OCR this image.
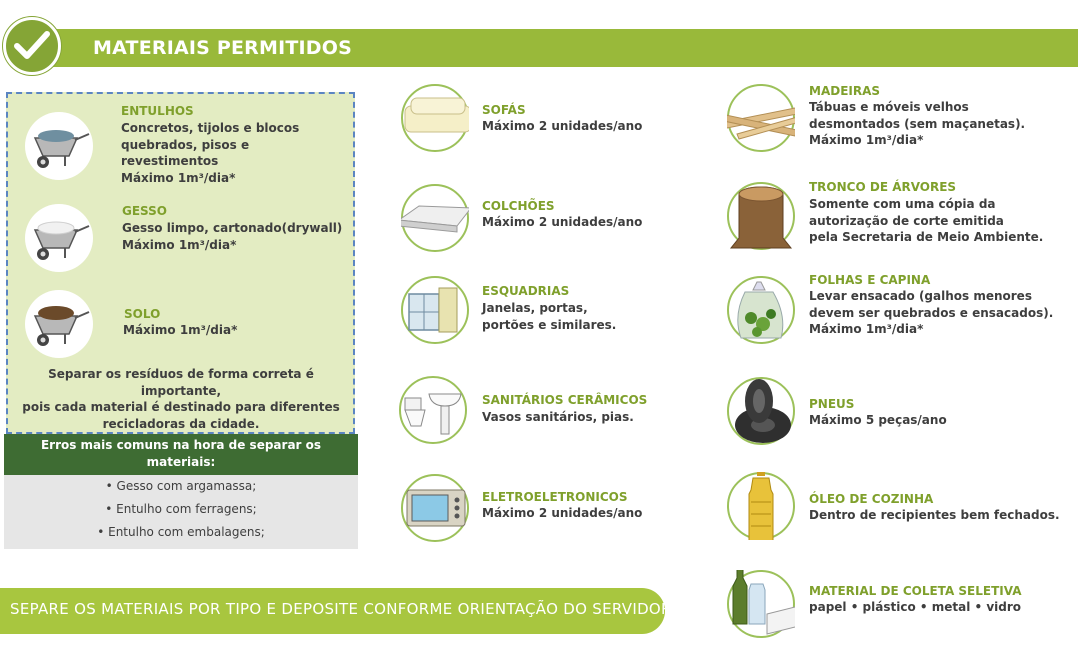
MATERIAIS PERMITIDOS
ENTULHOS
Concretos, tijolos e blocos
quebrados, pisos e
revestimentos
Máximo 1m³/dia*
GESSO
Gesso limpo, cartonado(drywall)
Máximo 1m³/dia*
SOLO
Máximo 1m³/dia*
Separar os resíduos de forma correta é importante,
pois cada material é destinado para diferentes
recicladoras da cidade.
Erros mais comuns na hora de separar os
materiais:
• Gesso com argamassa;
• Entulho com ferragens;
• Entulho com embalagens;
SOFÁS
Máximo 2 unidades/ano
COLCHÕES
Máximo 2 unidades/ano
ESQUADRIAS
Janelas, portas,
portões e similares.
SANITÁRIOS CERÂMICOS
Vasos sanitários, pias.
ELETROELETRONICOS
Máximo 2 unidades/ano
MADEIRAS
Tábuas e móveis velhos
desmontados (sem maçanetas).
Máximo 1m³/dia*
TRONCO DE ÁRVORES
Somente com uma cópia da
autorização de corte emitida
pela Secretaria de Meio Ambiente.
FOLHAS E CAPINA
Levar ensacado (galhos menores
devem ser quebrados e ensacados).
Máximo 1m³/dia*
PNEUS
Máximo 5 peças/ano
ÓLEO DE COZINHA
Dentro de recipientes bem fechados.
MATERIAL DE COLETA SELETIVA
papel • plástico • metal • vidro
SEPARE OS MATERIAIS POR TIPO E DEPOSITE CONFORME ORIENTAÇÃO DO SERVIDOR
